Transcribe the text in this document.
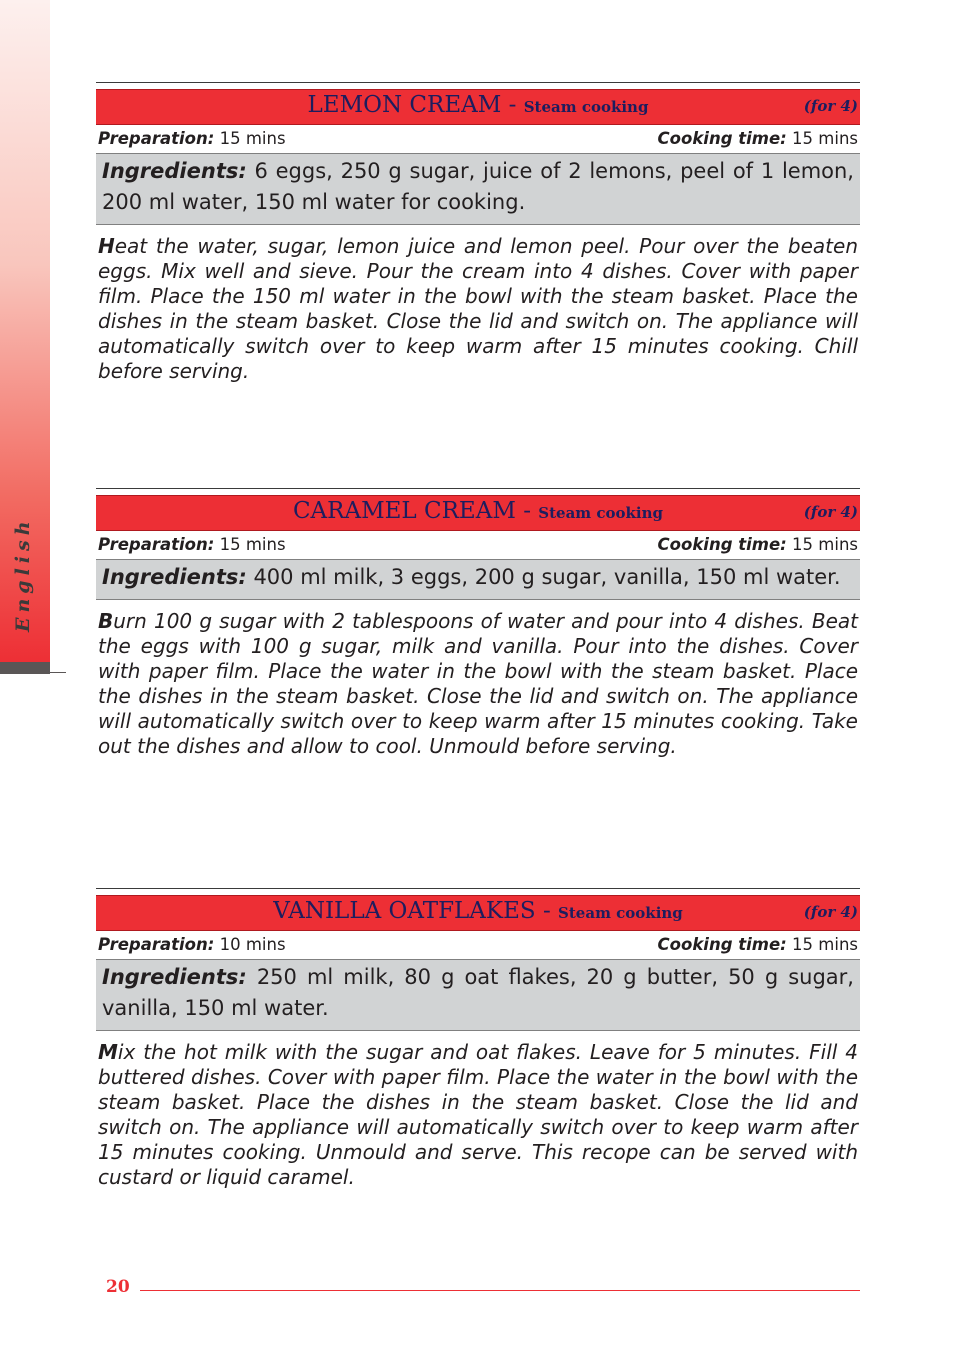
English
LEMON CREAM - Steam cooking	(for 4)
Preparation: 15 mins	Cooking time: 15 mins
Ingredients: 6 eggs, 250 g sugar, juice of 2 lemons, peel of 1 lemon, 200 ml water, 150 ml water for cooking.
Heat the water, sugar, lemon juice and lemon peel. Pour over the beaten eggs. Mix well and sieve. Pour the cream into 4 dishes. Cover with paper film. Place the 150 ml water in the bowl with the steam basket. Place the dishes in the steam basket. Close the lid and switch on. The appliance will automatically switch over to keep warm after 15 minutes cooking. Chill before serving.
CARAMEL CREAM - Steam cooking	(for 4)
Preparation: 15 mins	Cooking time: 15 mins
Ingredients: 400 ml milk, 3 eggs, 200 g sugar, vanilla, 150 ml water.
Burn 100 g sugar with 2 tablespoons of water and pour into 4 dishes. Beat the eggs with 100 g sugar, milk and vanilla. Pour into the dishes. Cover with paper film. Place the water in the bowl with the steam basket. Place the dishes in the steam basket. Close the lid and switch on. The appliance will automatically switch over to keep warm after 15 minutes cooking. Take out the dishes and allow to cool. Unmould before serving.
VANILLA OATFLAKES - Steam cooking	(for 4)
Preparation: 10 mins	Cooking time: 15 mins
Ingredients: 250 ml milk, 80 g oat flakes, 20 g butter, 50 g sugar, vanilla, 150 ml water.
Mix the hot milk with the sugar and oat flakes. Leave for 5 minutes. Fill 4 buttered dishes. Cover with paper film. Place the water in the bowl with the steam basket. Place the dishes in the steam basket. Close the lid and switch on. The appliance will automatically switch over to keep warm after 15 minutes cooking. Unmould and serve. This recope can be served with custard or liquid caramel.
20
